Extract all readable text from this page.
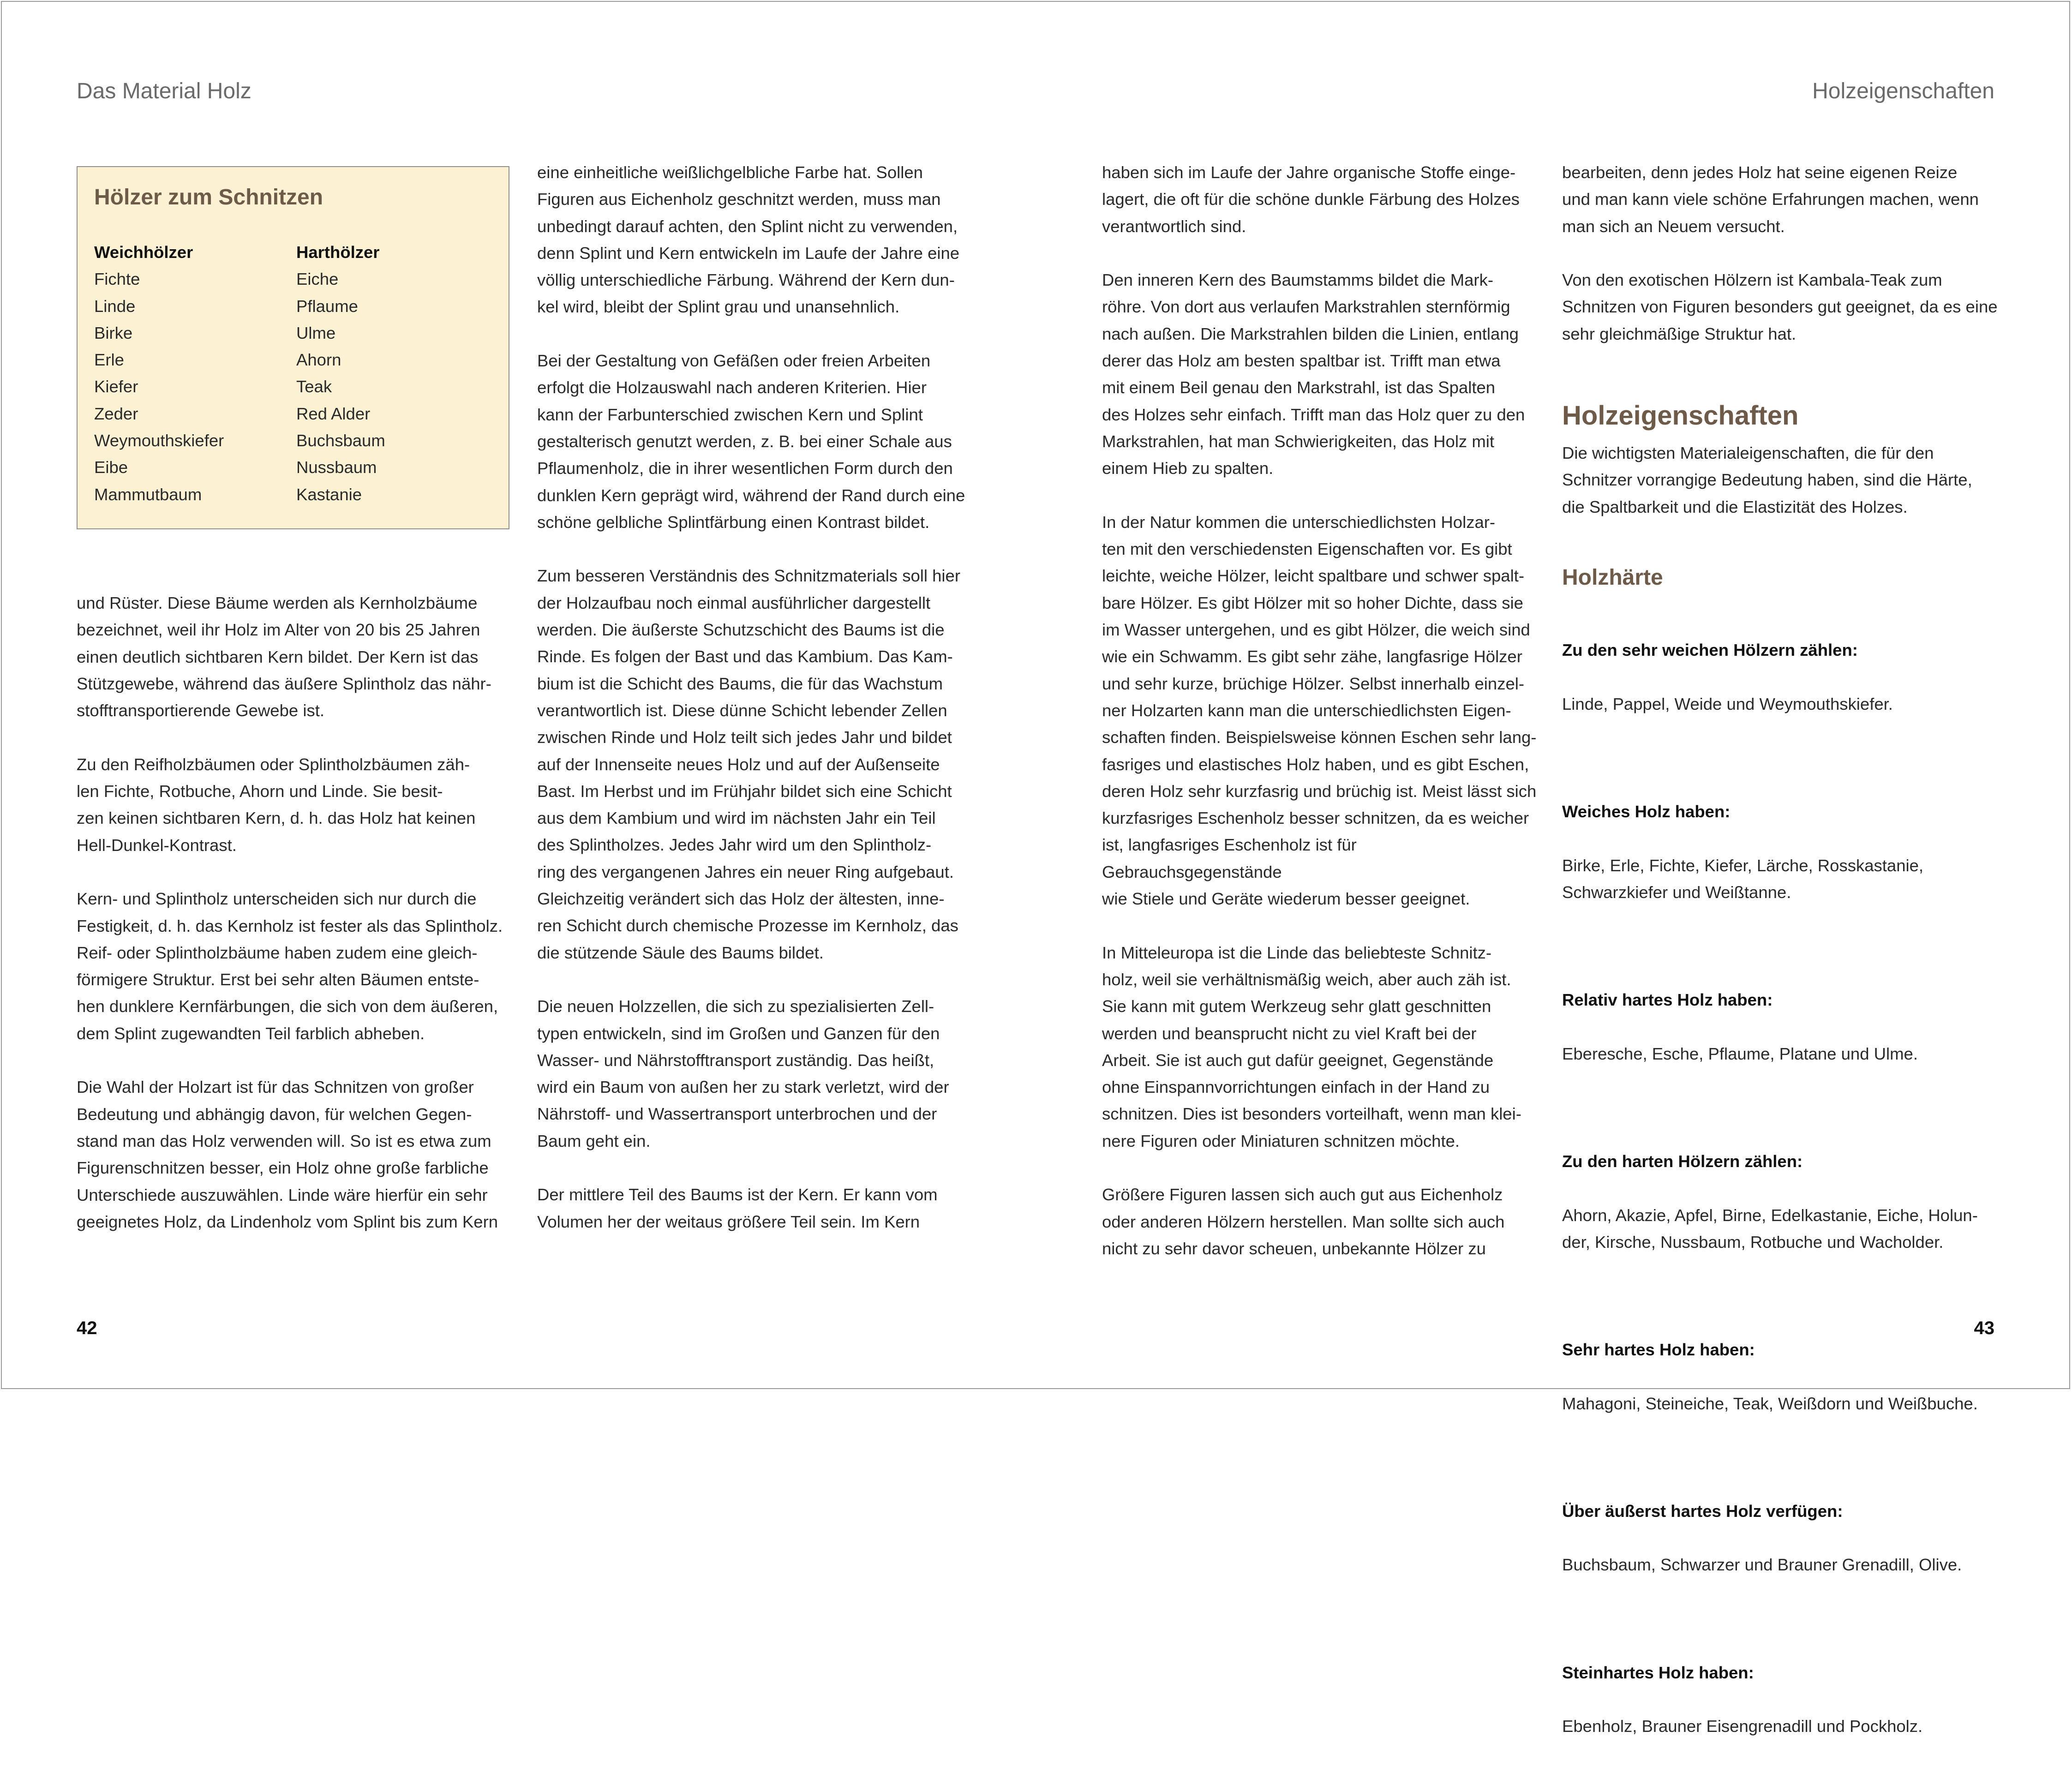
Das Material Holz	Holzeigenschaften
42	43
Hölzer zum Schnitzen
Weichhölzer
Fichte
Linde
Birke
Erle
Kiefer
Zeder
Weymouthskiefer
Eibe
Mammutbaum
Harthölzer
Eiche
Pflaume
Ulme
Ahorn
Teak
Red Alder
Buchsbaum
Nussbaum
Kastanie

und Rüster. Diese Bäume werden als Kernholzbäume
bezeichnet, weil ihr Holz im Alter von 20 bis 25 Jahren
einen deutlich sichtbaren Kern bildet. Der Kern ist das
Stützgewebe, während das äußere Splintholz das nähr-
stofftransportierende Gewebe ist.

Zu den Reifholzbäumen oder Splintholzbäumen zäh-
len Fichte, Rotbuche, Ahorn und Linde. Sie besit-
zen keinen sichtbaren Kern, d. h. das Holz hat keinen
Hell-Dunkel-Kontrast.

Kern- und Splintholz unterscheiden sich nur durch die
Festigkeit, d. h. das Kernholz ist fester als das Splintholz.
Reif- oder Splintholzbäume haben zudem eine gleich-
förmigere Struktur. Erst bei sehr alten Bäumen entste-
hen dunklere Kernfärbungen, die sich von dem äußeren,
dem Splint zugewandten Teil farblich abheben.

Die Wahl der Holzart ist für das Schnitzen von großer
Bedeutung und abhängig davon, für welchen Gegen-
stand man das Holz verwenden will. So ist es etwa zum
Figurenschnitzen besser, ein Holz ohne große farbliche
Unterschiede auszuwählen. Linde wäre hierfür ein sehr
geeignetes Holz, da Lindenholz vom Splint bis zum Kern

eine einheitliche weißlichgelbliche Farbe hat. Sollen
Figuren aus Eichenholz geschnitzt werden, muss man
unbedingt darauf achten, den Splint nicht zu verwenden,
denn Splint und Kern entwickeln im Laufe der Jahre eine
völlig unterschiedliche Färbung. Während der Kern dun-
kel wird, bleibt der Splint grau und unansehnlich.

Bei der Gestaltung von Gefäßen oder freien Arbeiten
erfolgt die Holzauswahl nach anderen Kriterien. Hier
kann der Farbunterschied zwischen Kern und Splint
gestalterisch genutzt werden, z. B. bei einer Schale aus
Pflaumenholz, die in ihrer wesentlichen Form durch den
dunklen Kern geprägt wird, während der Rand durch eine
schöne gelbliche Splintfärbung einen Kontrast bildet.

Zum besseren Verständnis des Schnitzmaterials soll hier
der Holzaufbau noch einmal ausführlicher dargestellt
werden. Die äußerste Schutzschicht des Baums ist die
Rinde. Es folgen der Bast und das Kambium. Das Kam-
bium ist die Schicht des Baums, die für das Wachstum
verantwortlich ist. Diese dünne Schicht lebender Zellen
zwischen Rinde und Holz teilt sich jedes Jahr und bildet
auf der Innenseite neues Holz und auf der Außenseite
Bast. Im Herbst und im Frühjahr bildet sich eine Schicht
aus dem Kambium und wird im nächsten Jahr ein Teil
des Splintholzes. Jedes Jahr wird um den Splintholz-
ring des vergangenen Jahres ein neuer Ring aufgebaut.
Gleichzeitig verändert sich das Holz der ältesten, inne-
ren Schicht durch chemische Prozesse im Kernholz, das
die stützende Säule des Baums bildet.

Die neuen Holzzellen, die sich zu spezialisierten Zell-
typen entwickeln, sind im Großen und Ganzen für den
Wasser- und Nährstofftransport zuständig. Das heißt,
wird ein Baum von außen her zu stark verletzt, wird der
Nährstoff- und Wassertransport unterbrochen und der
Baum geht ein.

Der mittlere Teil des Baums ist der Kern. Er kann vom
Volumen her der weitaus größere Teil sein. Im Kern

haben sich im Laufe der Jahre organische Stoffe einge-
lagert, die oft für die schöne dunkle Färbung des Holzes
verantwortlich sind.

Den inneren Kern des Baumstamms bildet die Mark-
röhre. Von dort aus verlaufen Markstrahlen sternförmig
nach außen. Die Markstrahlen bilden die Linien, entlang
derer das Holz am besten spaltbar ist. Trifft man etwa
mit einem Beil genau den Markstrahl, ist das Spalten
des Holzes sehr einfach. Trifft man das Holz quer zu den
Markstrahlen, hat man Schwierigkeiten, das Holz mit
einem Hieb zu spalten.

In der Natur kommen die unterschiedlichsten Holzar-
ten mit den verschiedensten Eigenschaften vor. Es gibt
leichte, weiche Hölzer, leicht spaltbare und schwer spalt-
bare Hölzer. Es gibt Hölzer mit so hoher Dichte, dass sie
im Wasser untergehen, und es gibt Hölzer, die weich sind
wie ein Schwamm. Es gibt sehr zähe, langfasrige Hölzer
und sehr kurze, brüchige Hölzer. Selbst innerhalb einzel-
ner Holzarten kann man die unterschiedlichsten Eigen-
schaften finden. Beispielsweise können Eschen sehr lang-
fasriges und elastisches Holz haben, und es gibt Eschen,
deren Holz sehr kurzfasrig und brüchig ist. Meist lässt sich
kurzfasriges Eschenholz besser schnitzen, da es weicher
ist, langfasriges Eschenholz ist für Gebrauchsgegenstände
wie Stiele und Geräte wiederum besser geeignet.

In Mitteleuropa ist die Linde das beliebteste Schnitz-
holz, weil sie verhältnismäßig weich, aber auch zäh ist.
Sie kann mit gutem Werkzeug sehr glatt geschnitten
werden und beansprucht nicht zu viel Kraft bei der
Arbeit. Sie ist auch gut dafür geeignet, Gegenstände
ohne Einspannvorrichtungen einfach in der Hand zu
schnitzen. Dies ist besonders vorteilhaft, wenn man klei-
nere Figuren oder Miniaturen schnitzen möchte.

Größere Figuren lassen sich auch gut aus Eichenholz
oder anderen Hölzern herstellen. Man sollte sich auch
nicht zu sehr davor scheuen, unbekannte Hölzer zu

bearbeiten, denn jedes Holz hat seine eigenen Reize
und man kann viele schöne Erfahrungen machen, wenn
man sich an Neuem versucht.

Von den exotischen Hölzern ist Kambala-Teak zum
Schnitzen von Figuren besonders gut geeignet, da es eine
sehr gleichmäßige Struktur hat.

Holzeigenschaften

Die wichtigsten Materialeigenschaften, die für den
Schnitzer vorrangige Bedeutung haben, sind die Härte,
die Spaltbarkeit und die Elastizität des Holzes.

Holzhärte

Zu den sehr weichen Hölzern zählen:

Linde, Pappel, Weide und Weymouthskiefer.

Weiches Holz haben:

Birke, Erle, Fichte, Kiefer, Lärche, Rosskastanie,
Schwarzkiefer und Weißtanne.

Relativ hartes Holz haben:

Eberesche, Esche, Pflaume, Platane und Ulme.

Zu den harten Hölzern zählen:

Ahorn, Akazie, Apfel, Birne, Edelkastanie, Eiche, Holun-
der, Kirsche, Nussbaum, Rotbuche und Wacholder.

Sehr hartes Holz haben:

Mahagoni, Steineiche, Teak, Weißdorn und Weißbuche.

Über äußerst hartes Holz verfügen:

Buchsbaum, Schwarzer und Brauner Grenadill, Olive.

Steinhartes Holz haben:

Ebenholz, Brauner Eisengrenadill und Pockholz.
